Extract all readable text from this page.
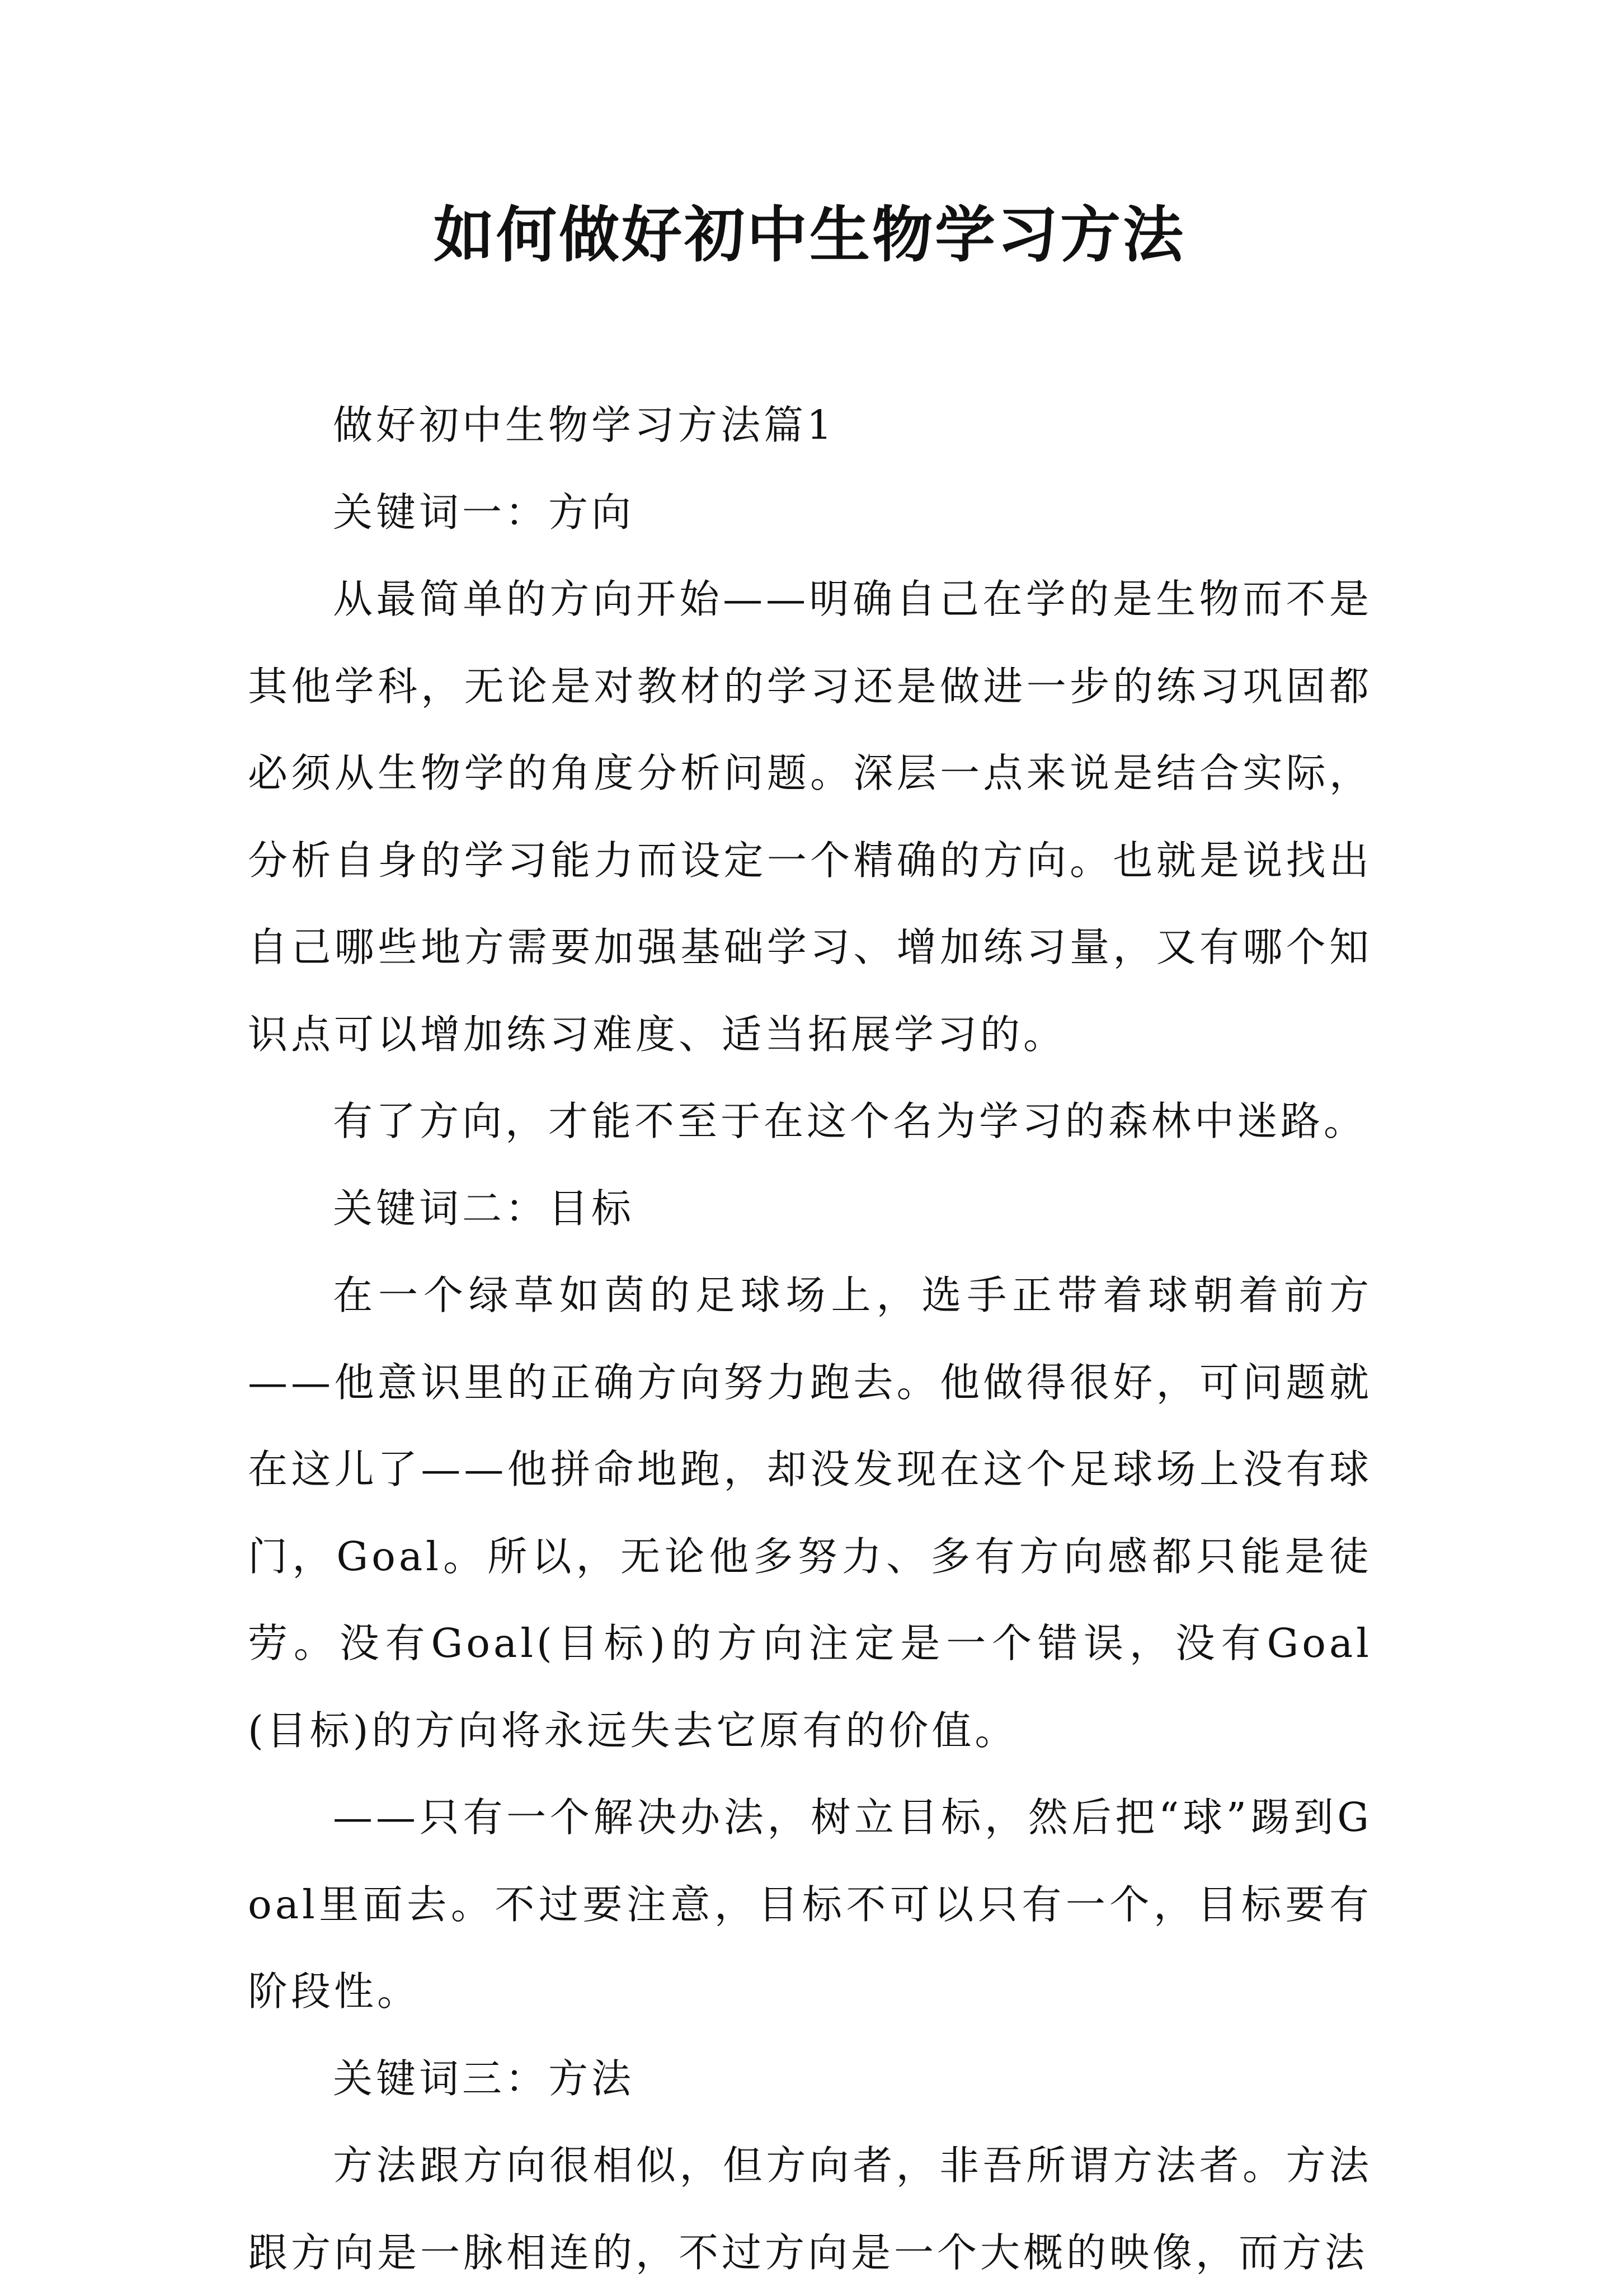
如何做好初中生物学习方法

做好初中生物学习方法篇1

关键词一：方向

从最简单的方向开始——明确自己在学的是生物而不是其他学科，无论是对教材的学习还是做进一步的练习巩固都必须从生物学的角度分析问题。深层一点来说是结合实际，分析自身的学习能力而设定一个精确的方向。也就是说找出自己哪些地方需要加强基础学习、增加练习量，又有哪个知识点可以增加练习难度、适当拓展学习的。

有了方向，才能不至于在这个名为学习的森林中迷路。

关键词二：目标

在一个绿草如茵的足球场上，选手正带着球朝着前方——他意识里的正确方向努力跑去。他做得很好，可问题就在这儿了——他拼命地跑，却没发现在这个足球场上没有球门，Goal。所以，无论他多努力、多有方向感都只能是徒劳。没有Goal(目标)的方向注定是一个错误，没有Goal(目标)的方向将永远失去它原有的价值。

——只有一个解决办法，树立目标，然后把“球”踢到Goal里面去。不过要注意，目标不可以只有一个，目标要有阶段性。

关键词三：方法

方法跟方向很相似，但方向者，非吾所谓方法者。方法跟方向是一脉相连的，不过方向是一个大概的映像，而方法
